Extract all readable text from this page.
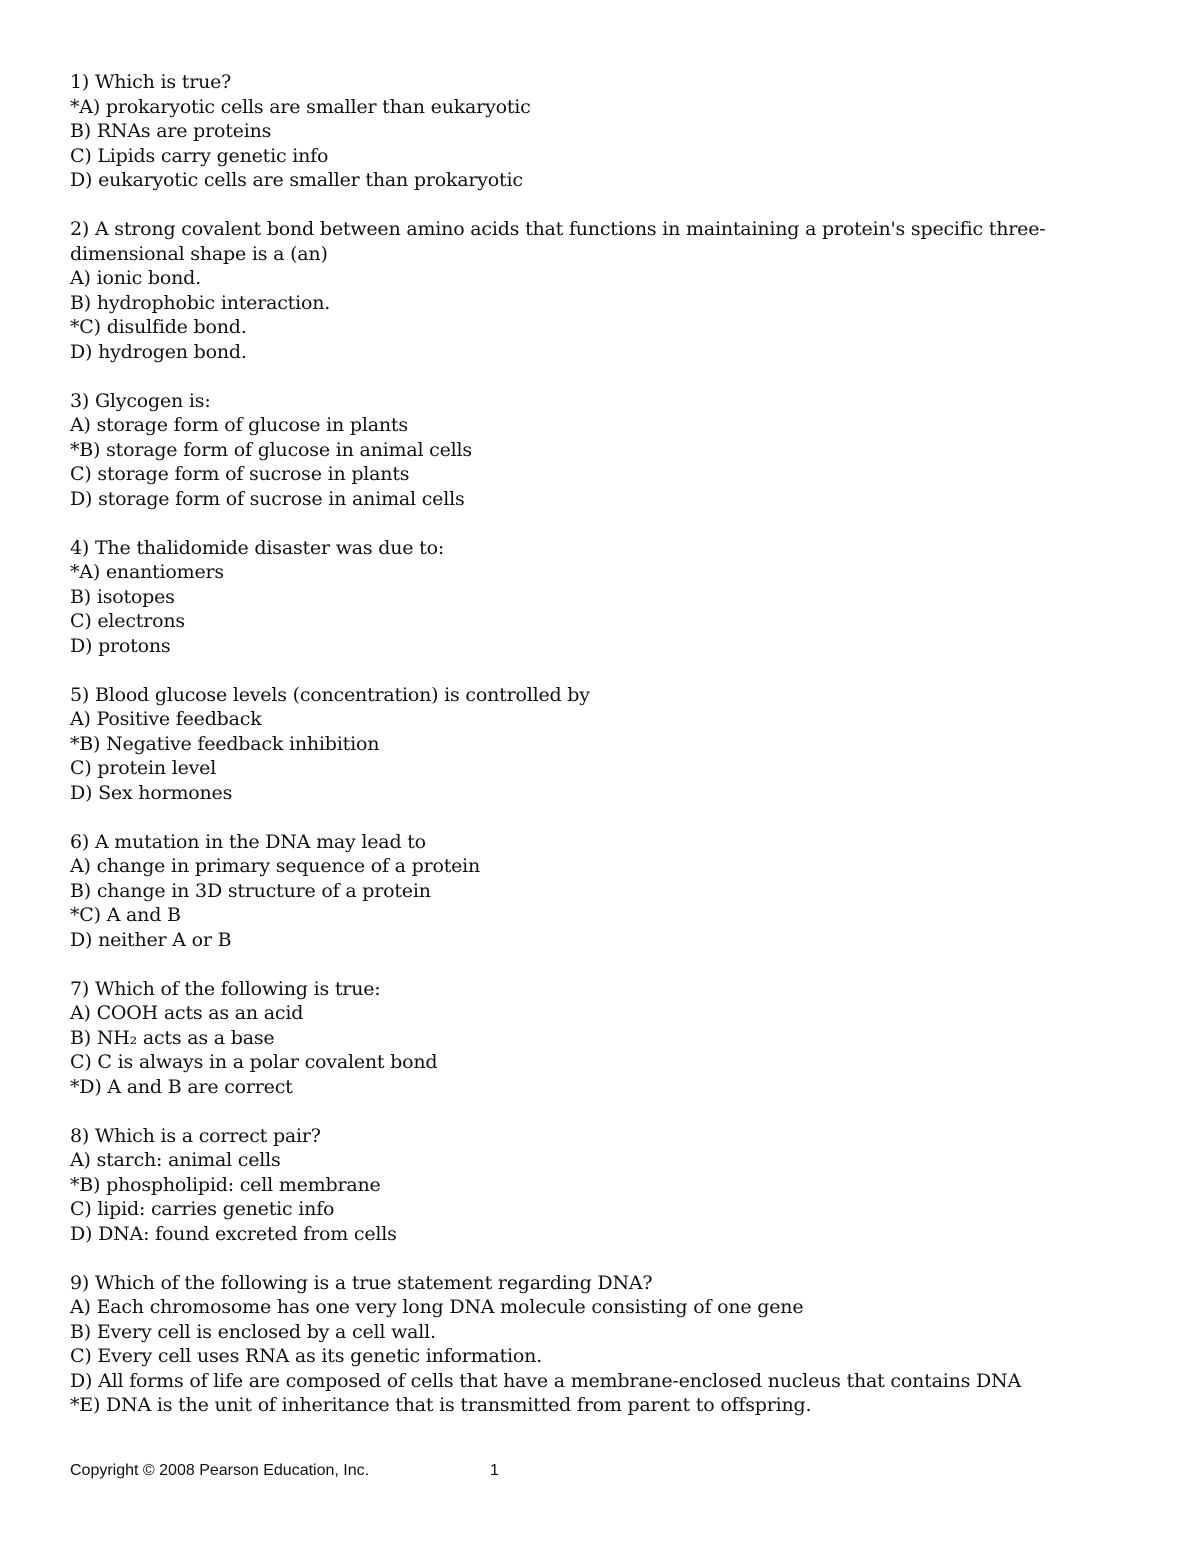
1) Which is true?
*A) prokaryotic cells are smaller than eukaryotic
B) RNAs are proteins
C) Lipids carry genetic info
D) eukaryotic cells are smaller than prokaryotic
2) A strong covalent bond between amino acids that functions in maintaining a protein's specific three-dimensional shape is a (an)
A) ionic bond.
B) hydrophobic interaction.
*C) disulfide bond.
D) hydrogen bond.
3) Glycogen is:
A) storage form of glucose in plants
*B) storage form of glucose in animal cells
C) storage form of sucrose in plants
D) storage form of sucrose in animal cells
4) The thalidomide disaster was due to:
*A) enantiomers
B) isotopes
C) electrons
D) protons
5) Blood glucose levels (concentration) is controlled by
A) Positive feedback
*B) Negative feedback inhibition
C) protein level
D) Sex hormones
6) A mutation in the DNA may lead to
A) change in primary sequence of a protein
B) change in 3D structure of a protein
*C) A and B
D) neither A or B
7) Which of the following is true:
A) COOH acts as an acid
B) NH₂ acts as a base
C) C is always in a polar covalent bond
*D) A and B are correct
8) Which is a correct pair?
A) starch: animal cells
*B) phospholipid: cell membrane
C) lipid: carries genetic info
D) DNA: found excreted from cells
9) Which of the following is a true statement regarding DNA?
A) Each chromosome has one very long DNA molecule consisting of one gene
B) Every cell is enclosed by a cell wall.
C) Every cell uses RNA as its genetic information.
D) All forms of life are composed of cells that have a membrane-enclosed nucleus that contains DNA
*E) DNA is the unit of inheritance that is transmitted from parent to offspring.
Copyright © 2008 Pearson Education, Inc.	1
